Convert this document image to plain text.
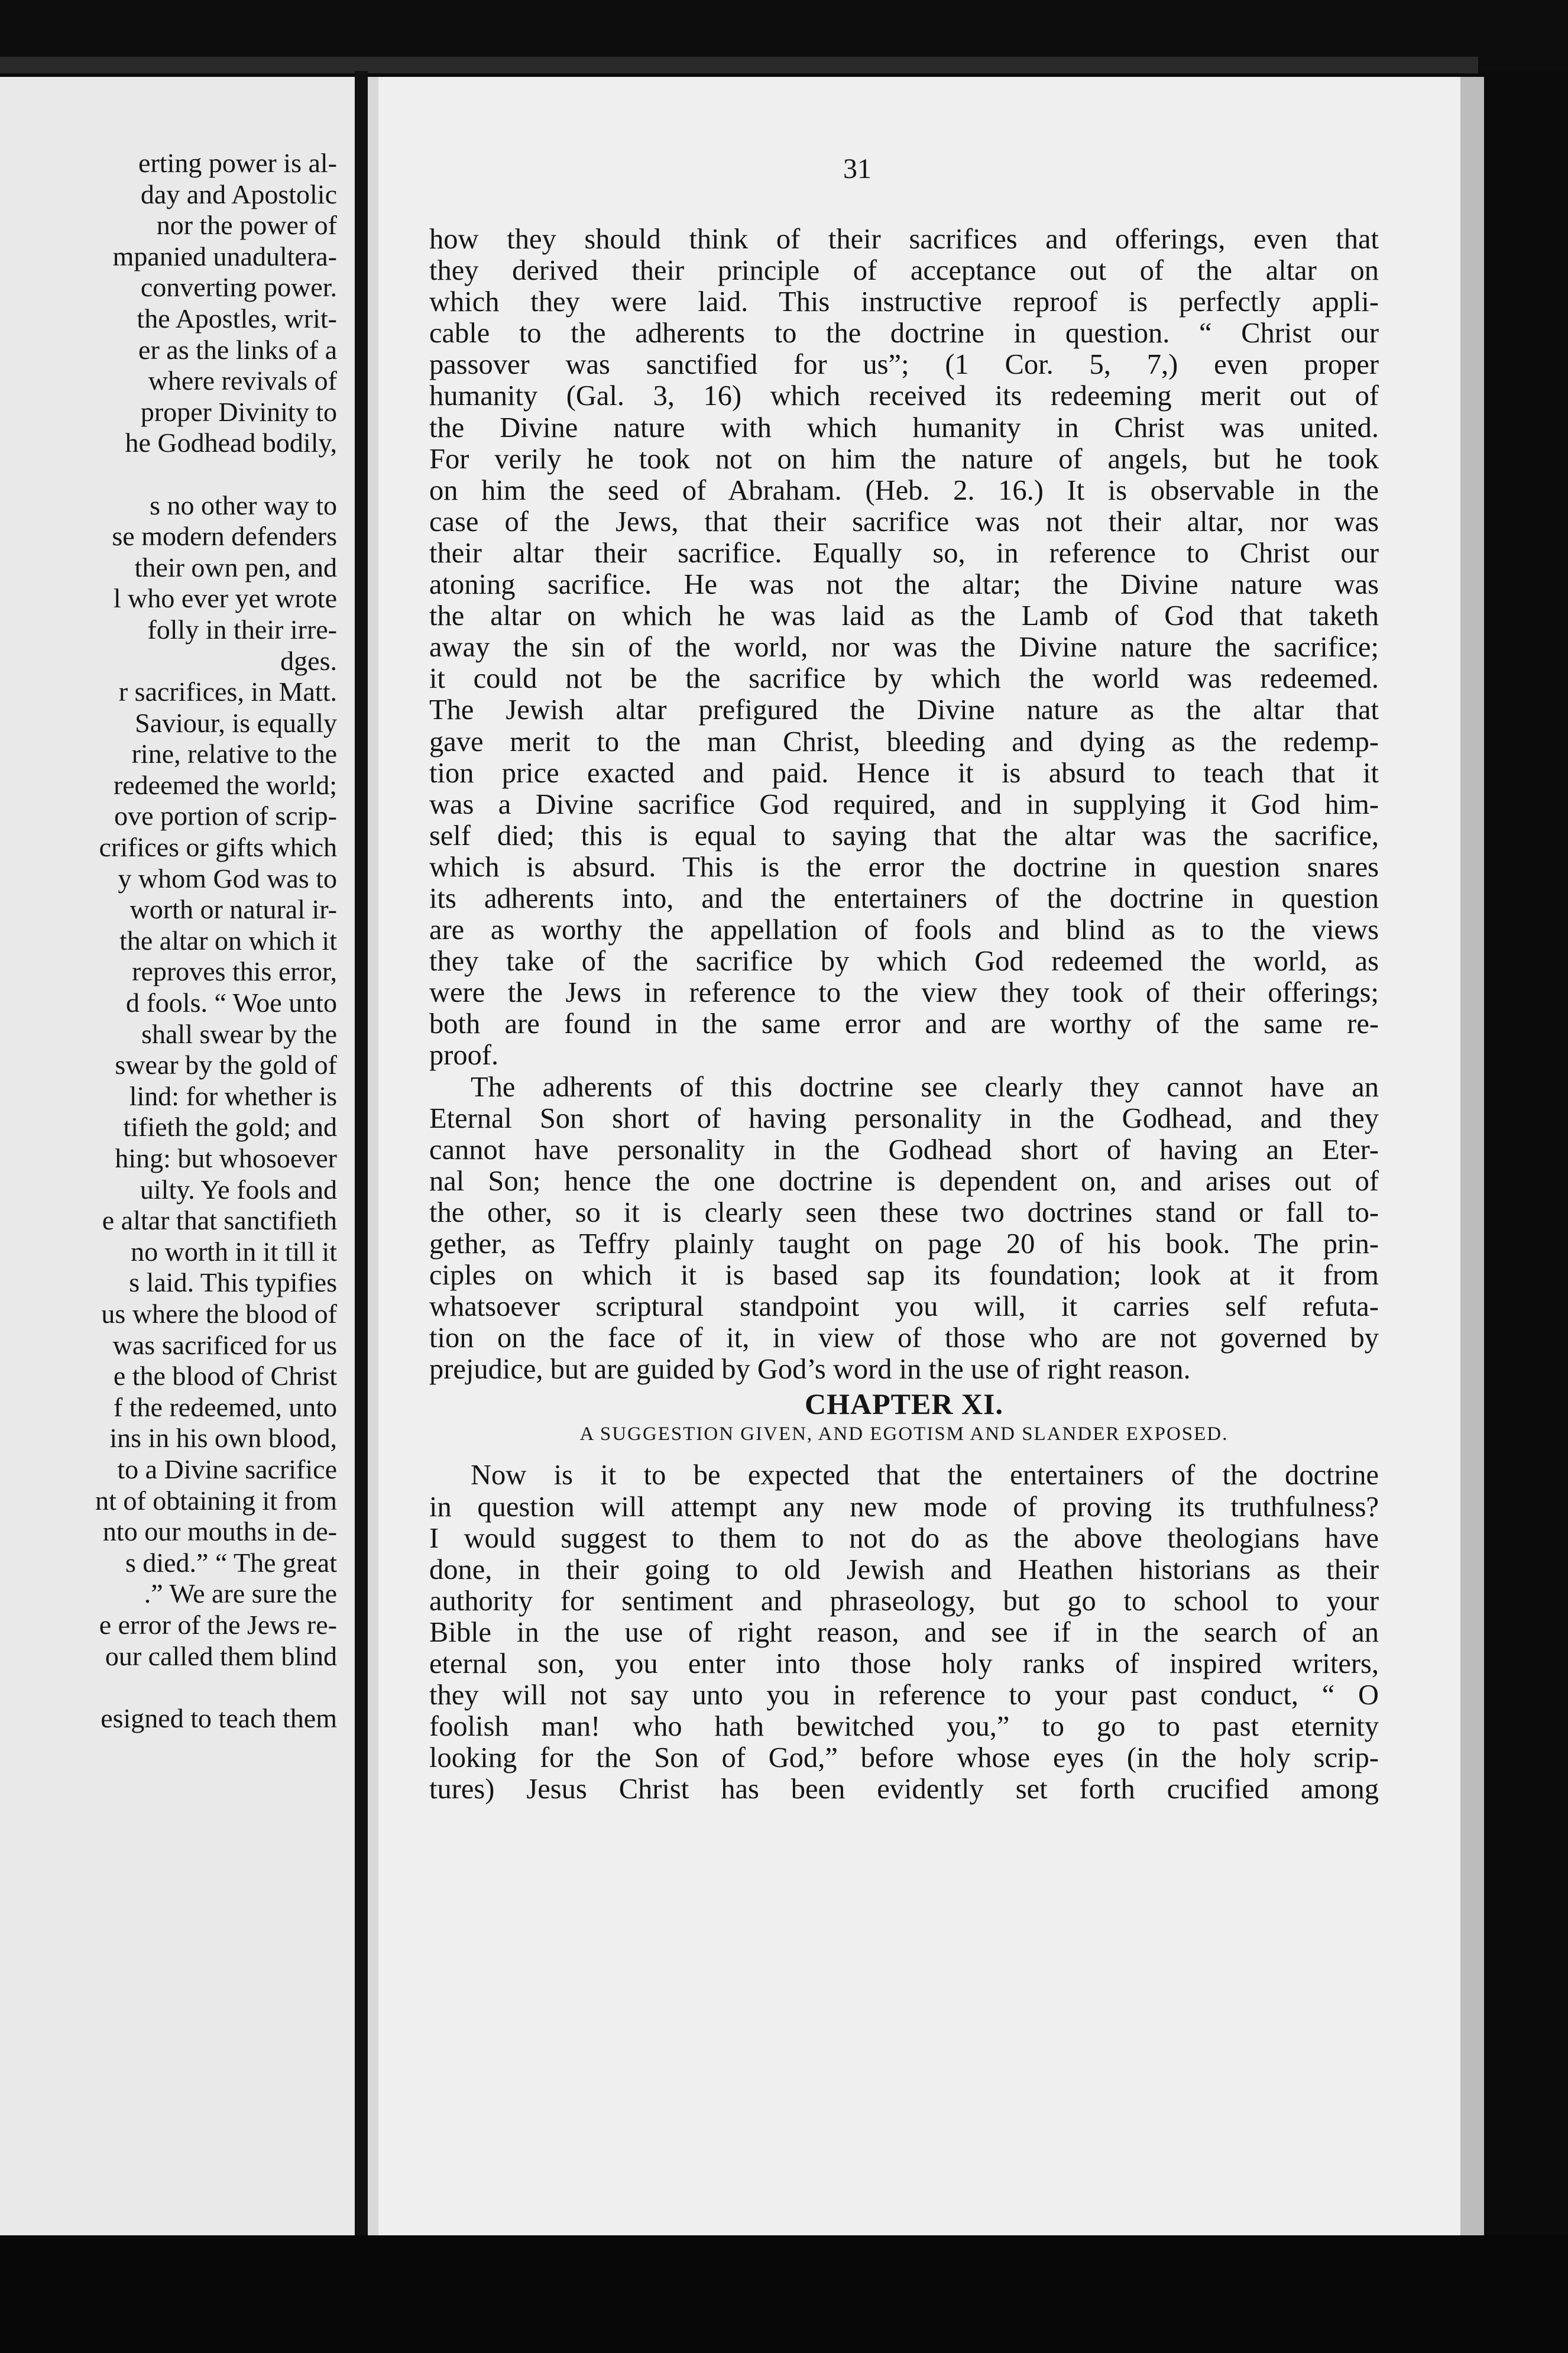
erting power is al-
day and Apostolic
nor the power of
mpanied unadultera-
converting power.
the Apostles, writ-
er as the links of a
where revivals of
proper Divinity to
he Godhead bodily,

s no other way to
se modern defenders
their own pen, and
l who ever yet wrote
folly in their irre-
dges.
r sacrifices, in Matt.
Saviour, is equally
rine, relative to the
redeemed the world;
ove portion of scrip-
crifices or gifts which
y whom God was to
worth or natural ir-
the altar on which it
reproves this error,
d fools. “ Woe unto
shall swear by the
swear by the gold of
lind: for whether is
tifieth the gold; and
hing: but whosoever
uilty. Ye fools and
e altar that sanctifieth
no worth in it till it
s laid. This typifies
us where the blood of
was sacrificed for us
e the blood of Christ
f the redeemed, unto
ins in his own blood,
to a Divine sacrifice
nt of obtaining it from
nto our mouths in de-
s died.” “ The great
.” We are sure the
e error of the Jews re-
our called them blind

esigned to teach them
31
how they should think of their sacrifices and offerings, even that
they derived their principle of acceptance out of the altar on
which they were laid. This instructive reproof is perfectly appli-
cable to the adherents to the doctrine in question. “ Christ our
passover was sanctified for us”; (1 Cor. 5, 7,) even proper
humanity (Gal. 3, 16) which received its redeeming merit out of
the Divine nature with which humanity in Christ was united.
For verily he took not on him the nature of angels, but he took
on him the seed of Abraham. (Heb. 2. 16.) It is observable in the
case of the Jews, that their sacrifice was not their altar, nor was
their altar their sacrifice. Equally so, in reference to Christ our
atoning sacrifice. He was not the altar; the Divine nature was
the altar on which he was laid as the Lamb of God that taketh
away the sin of the world, nor was the Divine nature the sacrifice;
it could not be the sacrifice by which the world was redeemed.
The Jewish altar prefigured the Divine nature as the altar that
gave merit to the man Christ, bleeding and dying as the redemp-
tion price exacted and paid. Hence it is absurd to teach that it
was a Divine sacrifice God required, and in supplying it God him-
self died; this is equal to saying that the altar was the sacrifice,
which is absurd. This is the error the doctrine in question snares
its adherents into, and the entertainers of the doctrine in question
are as worthy the appellation of fools and blind as to the views
they take of the sacrifice by which God redeemed the world, as
were the Jews in reference to the view they took of their offerings;
both are found in the same error and are worthy of the same re-
proof.
The adherents of this doctrine see clearly they cannot have an
Eternal Son short of having personality in the Godhead, and they
cannot have personality in the Godhead short of having an Eter-
nal Son; hence the one doctrine is dependent on, and arises out of
the other, so it is clearly seen these two doctrines stand or fall to-
gether, as Teffry plainly taught on page 20 of his book. The prin-
ciples on which it is based sap its foundation; look at it from
whatsoever scriptural standpoint you will, it carries self refuta-
tion on the face of it, in view of those who are not governed by
prejudice, but are guided by God’s word in the use of right reason.
CHAPTER XI.
A SUGGESTION GIVEN, AND EGOTISM AND SLANDER EXPOSED.
Now is it to be expected that the entertainers of the doctrine
in question will attempt any new mode of proving its truthfulness?
I would suggest to them to not do as the above theologians have
done, in their going to old Jewish and Heathen historians as their
authority for sentiment and phraseology, but go to school to your
Bible in the use of right reason, and see if in the search of an
eternal son, you enter into those holy ranks of inspired writers,
they will not say unto you in reference to your past conduct, “ O
foolish man! who hath bewitched you,” to go to past eternity
looking for the Son of God,” before whose eyes (in the holy scrip-
tures) Jesus Christ has been evidently set forth crucified among
